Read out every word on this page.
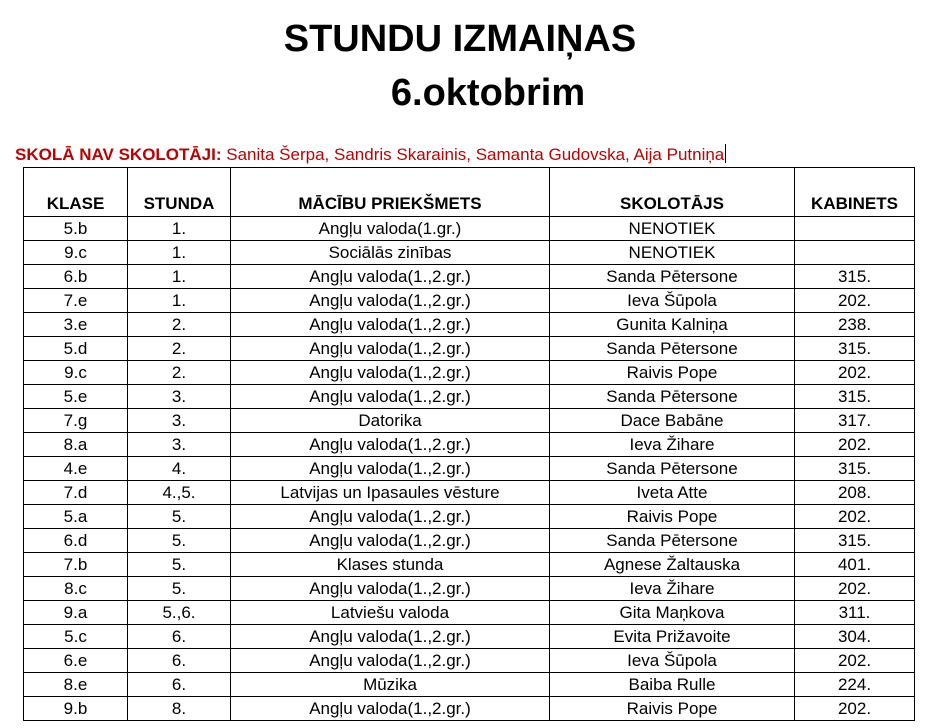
STUNDU IZMAIŅAS
6.oktobrim
SKOLĀ NAV SKOLOTĀJI: Sanita Šerpa, Sandris Skarainis, Samanta Gudovska, Aija Putniņa
KLASE	STUNDA	MĀCĪBU PRIEKŠMETS	SKOLOTĀJS	KABINETS
5.b	1.	Angļu valoda(1.gr.)	NENOTIEK	
9.c	1.	Sociālās zinības	NENOTIEK	
6.b	1.	Angļu valoda(1.,2.gr.)	Sanda Pētersone	315.
7.e	1.	Angļu valoda(1.,2.gr.)	Ieva Šūpola	202.
3.e	2.	Angļu valoda(1.,2.gr.)	Gunita Kalniņa	238.
5.d	2.	Angļu valoda(1.,2.gr.)	Sanda Pētersone	315.
9.c	2.	Angļu valoda(1.,2.gr.)	Raivis Pope	202.
5.e	3.	Angļu valoda(1.,2.gr.)	Sanda Pētersone	315.
7.g	3.	Datorika	Dace Babāne	317.
8.a	3.	Angļu valoda(1.,2.gr.)	Ieva Žihare	202.
4.e	4.	Angļu valoda(1.,2.gr.)	Sanda Pētersone	315.
7.d	4.,5.	Latvijas un Ipasaules vēsture	Iveta Atte	208.
5.a	5.	Angļu valoda(1.,2.gr.)	Raivis Pope	202.
6.d	5.	Angļu valoda(1.,2.gr.)	Sanda Pētersone	315.
7.b	5.	Klases stunda	Agnese Žaltauska	401.
8.c	5.	Angļu valoda(1.,2.gr.)	Ieva Žihare	202.
9.a	5.,6.	Latviešu valoda	Gita Maņkova	311.
5.c	6.	Angļu valoda(1.,2.gr.)	Evita Prižavoite	304.
6.e	6.	Angļu valoda(1.,2.gr.)	Ieva Šūpola	202.
8.e	6.	Mūzika	Baiba Rulle	224.
9.b	8.	Angļu valoda(1.,2.gr.)	Raivis Pope	202.
